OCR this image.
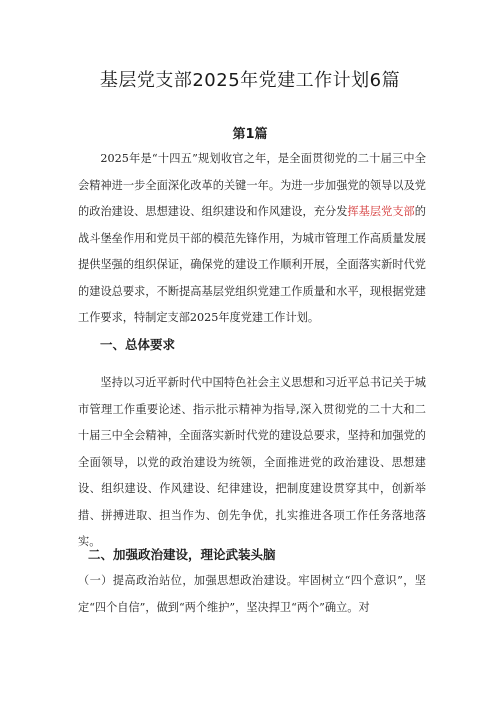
基层党支部2025年党建工作计划6篇
第1篇

2025年是“十四五”规划收官之年，是全面贯彻党的二十届三中全会精神进一步全面深化改革的关键一年。为进一步加强党的领导以及党的政治建设、思想建设、组织建设和作风建设，充分发挥基层党支部的战斗堡垒作用和党员干部的模范先锋作用，为城市管理工作高质量发展提供坚强的组织保证，确保党的建设工作顺利开展，全面落实新时代党的建设总要求，不断提高基层党组织党建工作质量和水平，现根据党建工作要求，特制定支部2025年度党建工作计划。

一、总体要求

坚持以习近平新时代中国特色社会主义思想和习近平总书记关于城市管理工作重要论述、指示批示精神为指导,深入贯彻党的二十大和二十届三中全会精神，全面落实新时代党的建设总要求，坚持和加强党的全面领导，以党的政治建设为统领，全面推进党的政治建设、思想建设、组织建设、作风建设、纪律建设，把制度建设贯穿其中，创新举措、拼搏进取、担当作为、创先争优，扎实推进各项工作任务落地落实。

二、加强政治建设，理论武装头脑

（一）提高政治站位，加强思想政治建设。牢固树立“四个意识”，坚定“四个自信”，做到“两个维护”，坚决捍卫“两个”确立。对
